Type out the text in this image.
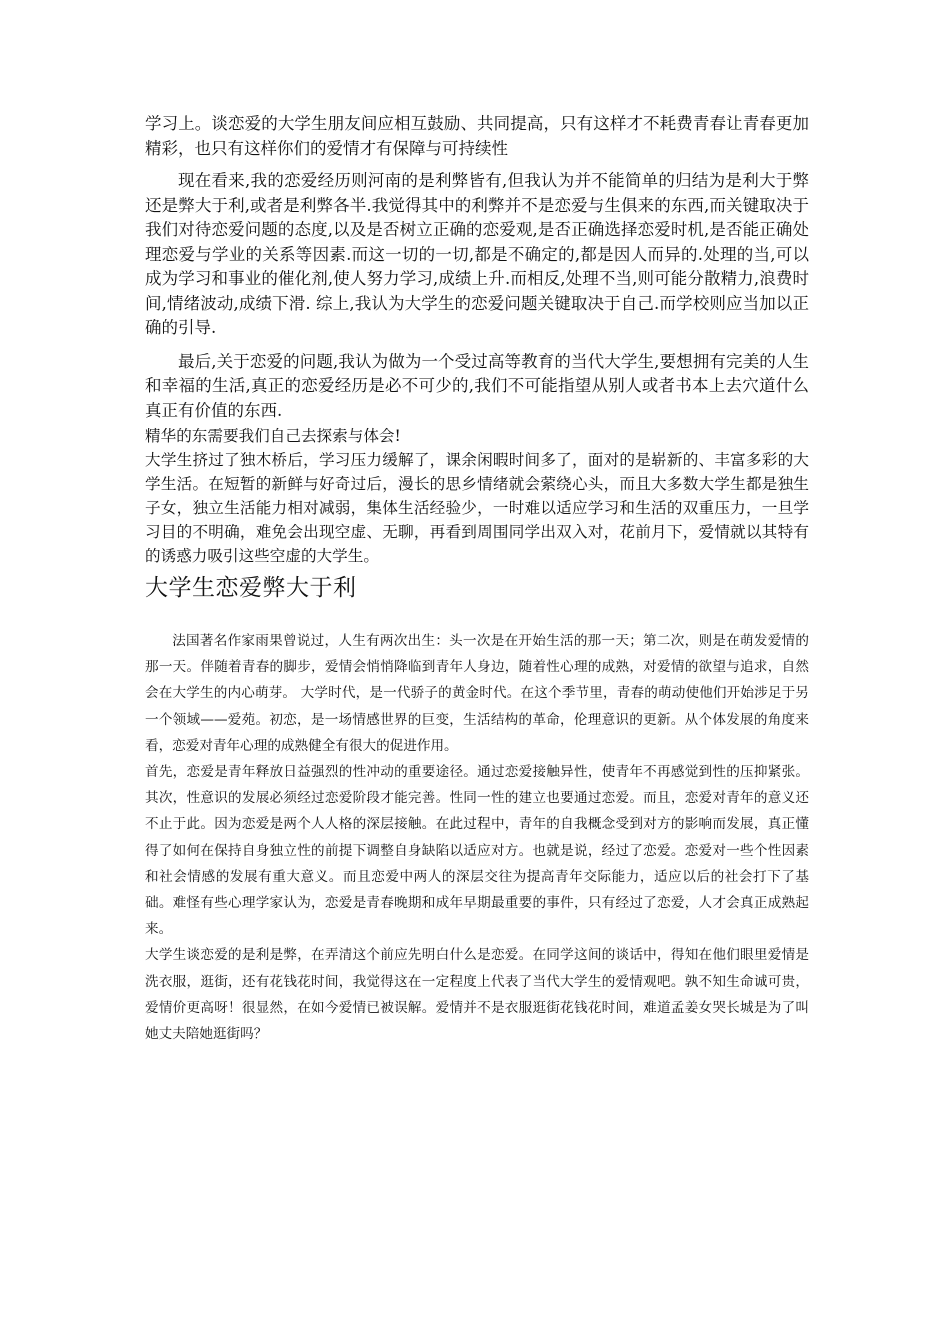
学习上。谈恋爱的大学生朋友间应相互鼓励、共同提高，只有这样才不耗费青春让青春更加精彩，也只有这样你们的爱情才有保障与可持续性

现在看来,我的恋爱经历则河南的是利弊皆有,但我认为并不能简单的归结为是利大于弊还是弊大于利,或者是利弊各半.我觉得其中的利弊并不是恋爱与生俱来的东西,而关键取决于我们对待恋爱问题的态度,以及是否树立正确的恋爱观,是否正确选择恋爱时机,是否能正确处理恋爱与学业的关系等因素.而这一切的一切,都是不确定的,都是因人而异的.处理的当,可以成为学习和事业的催化剂,使人努力学习,成绩上升.而相反,处理不当,则可能分散精力,浪费时间,情绪波动,成绩下滑. 综上,我认为大学生的恋爱问题关键取决于自己.而学校则应当加以正确的引导.

最后,关于恋爱的问题,我认为做为一个受过高等教育的当代大学生,要想拥有完美的人生和幸福的生活,真正的恋爱经历是必不可少的,我们不可能指望从别人或者书本上去穴道什么真正有价值的东西.

精华的东需要我们自己去探索与体会!

大学生挤过了独木桥后，学习压力缓解了，课余闲暇时间多了，面对的是崭新的、丰富多彩的大学生活。在短暂的新鲜与好奇过后，漫长的思乡情绪就会萦绕心头，而且大多数大学生都是独生子女，独立生活能力相对减弱，集体生活经验少，一时难以适应学习和生活的双重压力，一旦学习目的不明确，难免会出现空虚、无聊，再看到周围同学出双入对，花前月下，爱情就以其特有的诱惑力吸引这些空虚的大学生。

大学生恋爱弊大于利

法国著名作家雨果曾说过，人生有两次出生：头一次是在开始生活的那一天；第二次，则是在萌发爱情的那一天。伴随着青春的脚步，爱情会悄悄降临到青年人身边，随着性心理的成熟，对爱情的欲望与追求，自然会在大学生的内心萌芽。 大学时代，是一代骄子的黄金时代。在这个季节里，青春的萌动使他们开始涉足于另一个领域——爱苑。初恋，是一场情感世界的巨变，生活结构的革命，伦理意识的更新。从个体发展的角度来看，恋爱对青年心理的成熟健全有很大的促进作用。

首先，恋爱是青年释放日益强烈的性冲动的重要途径。通过恋爱接触异性，使青年不再感觉到性的压抑紧张。其次，性意识的发展必须经过恋爱阶段才能完善。性同一性的建立也要通过恋爱。而且，恋爱对青年的意义还不止于此。因为恋爱是两个人人格的深层接触。在此过程中，青年的自我概念受到对方的影响而发展，真正懂得了如何在保持自身独立性的前提下调整自身缺陷以适应对方。也就是说，经过了恋爱。恋爱对一些个性因素和社会情感的发展有重大意义。而且恋爱中两人的深层交往为提高青年交际能力，适应以后的社会打下了基础。难怪有些心理学家认为，恋爱是青春晚期和成年早期最重要的事件，只有经过了恋爱，人才会真正成熟起来。

大学生谈恋爱的是利是弊，在弄清这个前应先明白什么是恋爱。在同学这间的谈话中，得知在他们眼里爱情是洗衣服，逛街，还有花钱花时间，我觉得这在一定程度上代表了当代大学生的爱情观吧。孰不知生命诚可贵，爱情价更高呀！很显然，在如今爱情已被误解。爱情并不是衣服逛街花钱花时间，难道孟姜女哭长城是为了叫她丈夫陪她逛街吗？
